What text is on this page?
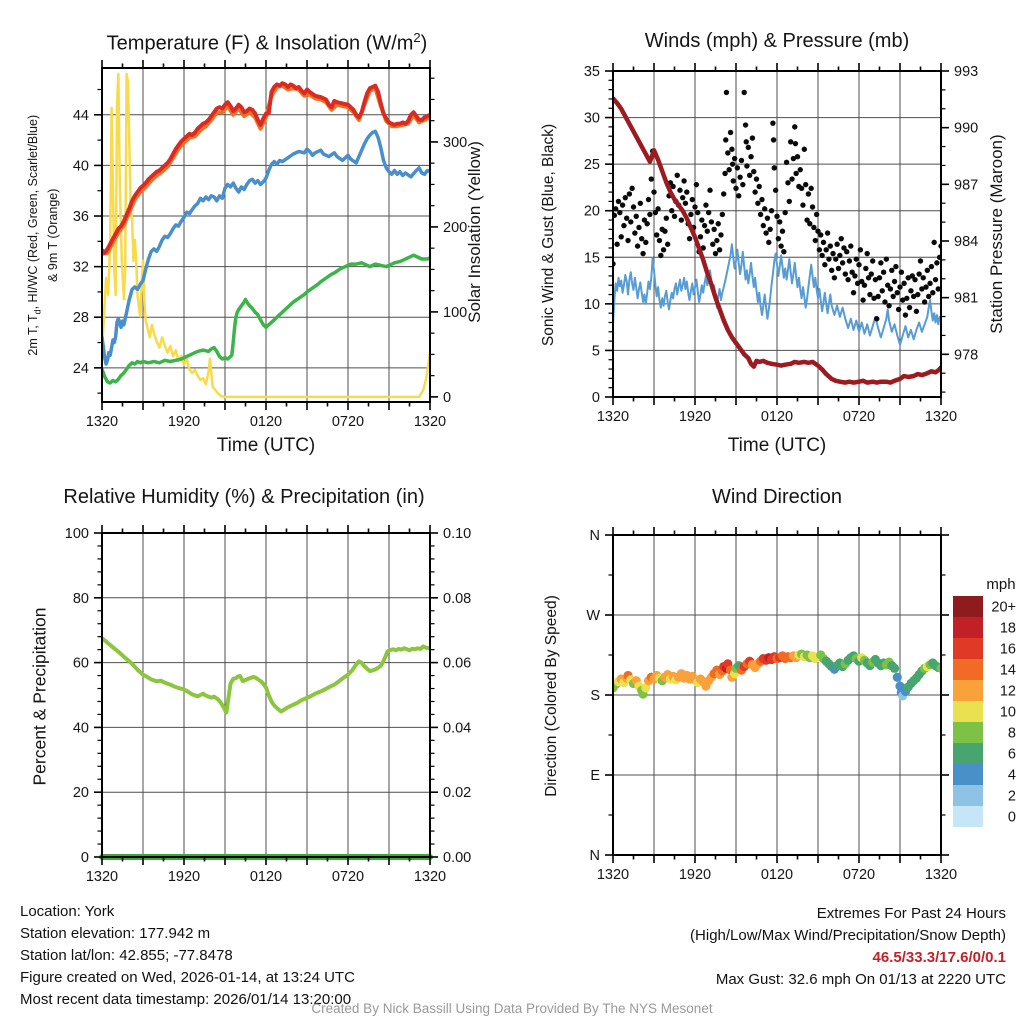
1320	1920	0120	0720	1320
24
28
32
36
40
44
0
100
200
300
1320	1920	0120	0720	1320
0
5
10
15
20
25
30
35
978
981
984
987
990
993
1320	1920	0120	0720	1320
0
20
40
60
80
100
0.00
0.02
0.04
0.06
0.08
0.10
1320	1920	0120	0720	1320
N
E
S
W
N
mph
20+
18
16
14
12
10
8
6
4
2
0
Temperature (F) & Insolation $(W/m^2)$	Winds (mph) & Pressure (mb)
Relative Humidity (%) & Precipitation (in)	Wind Direction
2m T, $T_d$, HI/WC (Red, Green, Scarlet/Blue) & 9m T (Orange)	Solar Insolation (Yellow)	Sonic Wind & Gust (Blue, Black)	Station Pressure (Maroon)
Percent & Precipitation	Direction (Colored By Speed)
Time (UTC)	Time (UTC)
Location: York
Station elevation: 177.942 m
Station lat/lon: 42.855; -77.8478
Figure created on Wed, 2026-01-14, at 13:24 UTC
Most recent data timestamp: 2026/01/14 13:20:00
Extremes For Past 24 Hours
(High/Low/Max Wind/Precipitation/Snow Depth)
46.5/33.3/17.6/0/0.1
Max Gust: 32.6 mph On 01/13 at 2220 UTC
Created By Nick Bassill Using Data Provided By The NYS Mesonet
